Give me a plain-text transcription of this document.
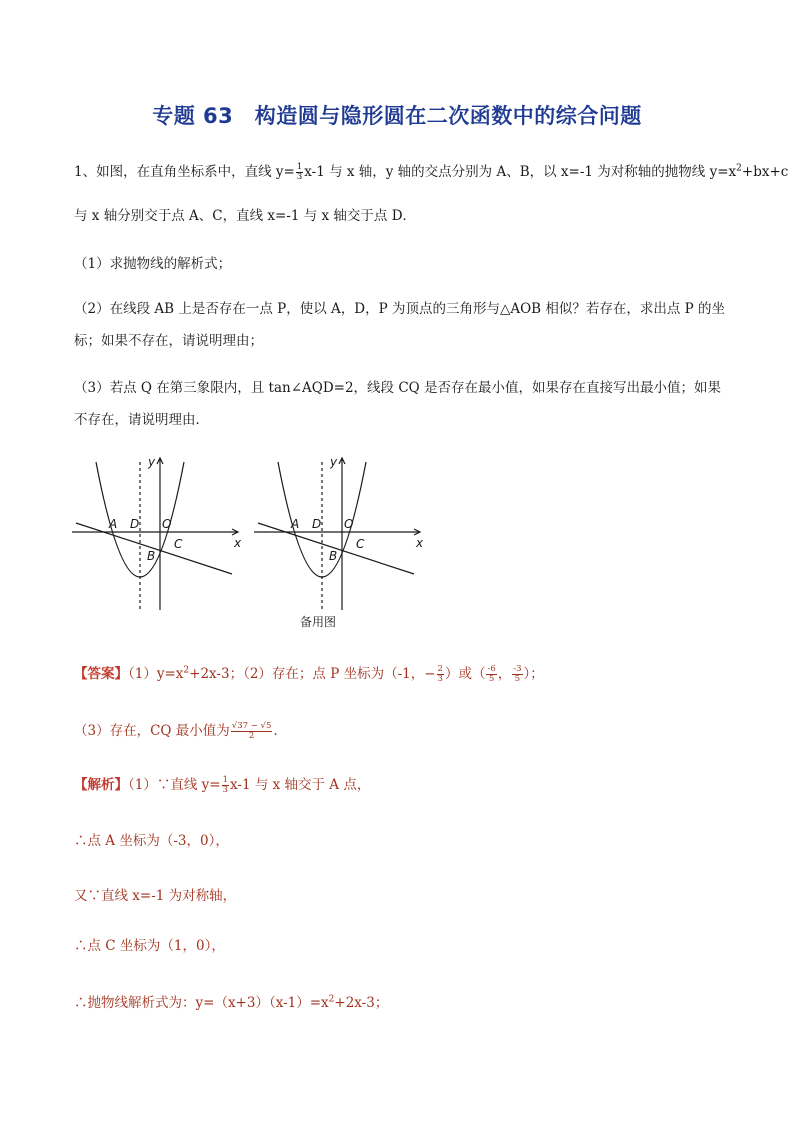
专题 63　构造圆与隐形圆在二次函数中的综合问题
1、如图，在直角坐标系中，直线 $y= \frac{1}{3} x-1$ 与 x 轴，y 轴的交点分别为 A、B，以 x=-1 为对称轴的抛物线 $y=x^2+bx+c$
与 x 轴分别交于点 A、C，直线 x=-1 与 x 轴交于点 D．
（1）求抛物线的解析式；
（2）在线段 AB 上是否存在一点 P，使以 A，D，P 为顶点的三角形与△AOB 相似？若存在，求出点 P 的坐
标；如果不存在，请说明理由；
（3）若点 Q 在第三象限内，且 tan∠AQD=2，线段 CQ 是否存在最小值，如果存在直接写出最小值；如果
不存在，请说明理由．
y
x
A D O
B
C
y
x
A D O
B
C
备用图
【答案】$(1)y=x^2+2x-3$；（2）存在；点 P 坐标为（-1，− $\frac{2}{3}$ ）或（ $\frac{-6}{5}$ ， $\frac{-3}{5}$ ）；
（3）存在，CQ 最小值为 $\frac{√37 - √5}{2}$ .
【解析】（1）∵直线 $y= \frac{1}{3} x-1$ 与 x 轴交于 A 点，
∴点 A 坐标为（-3，0），
又∵直线 x=-1 为对称轴，
∴点 C 坐标为（1，0），
∴抛物线解析式为：$y=(x+3)(x-1)=x^2+2x-3$；
